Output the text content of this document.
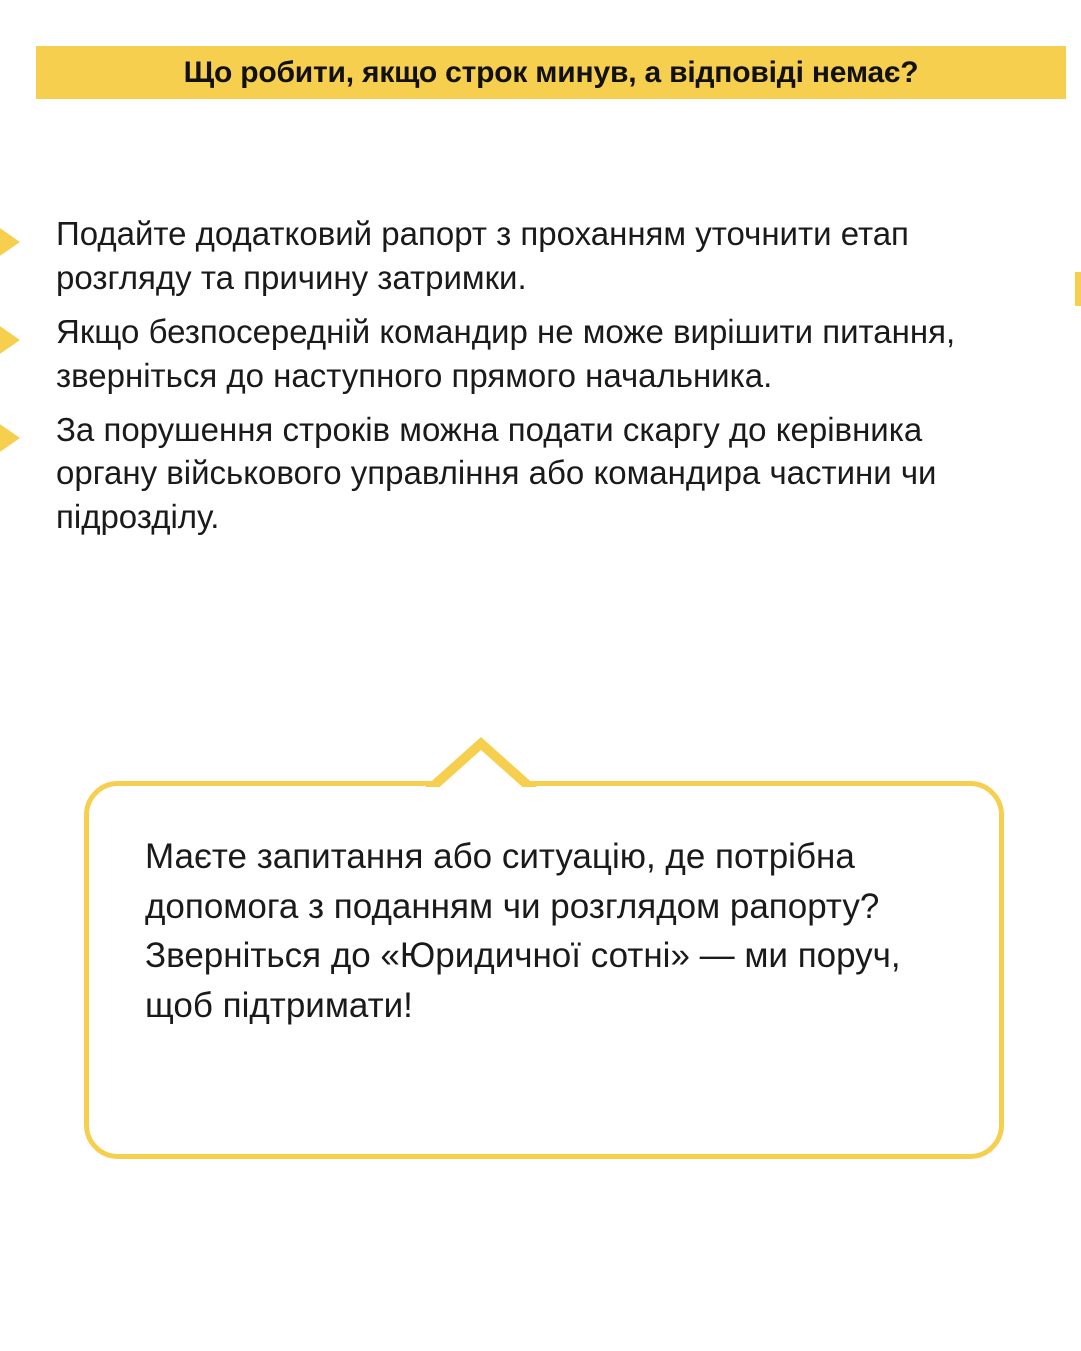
Що робити, якщо строк минув, а відповіді немає?
Подайте додатковий рапорт з проханням уточнити етап розгляду та причину затримки.
Якщо безпосередній командир не може вирішити питання, зверніться до наступного прямого начальника.
За порушення строків можна подати скаргу до керівника органу військового управління або командира частини чи підрозділу.
Маєте запитання або ситуацію, де потрібна допомога з поданням чи розглядом рапорту? Зверніться до «Юридичної сотні» — ми поруч, щоб підтримати!
